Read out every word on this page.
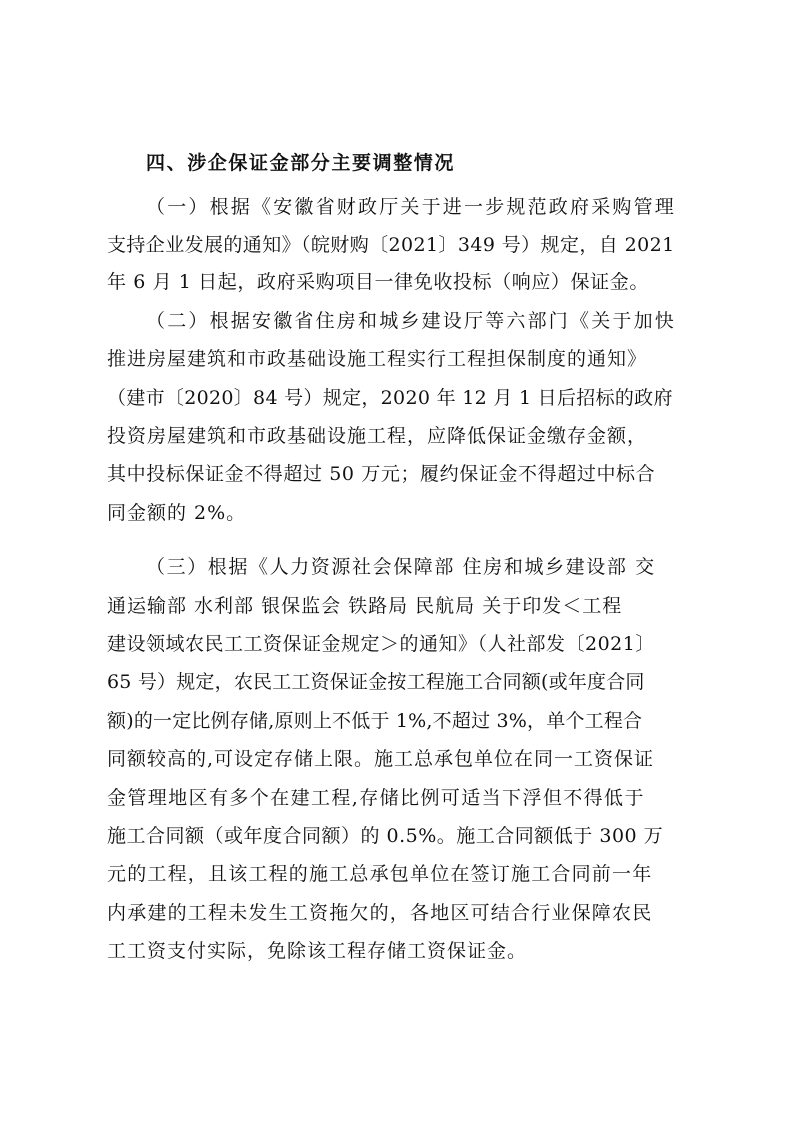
四、涉企保证金部分主要调整情况
（一）根据《安徽省财政厅关于进一步规范政府采购管理
支持企业发展的通知》（皖财购〔2021〕349 号）规定，自 2021
年 6 月 1 日起，政府采购项目一律免收投标（响应）保证金。
（二）根据安徽省住房和城乡建设厅等六部门《关于加快
推进房屋建筑和市政基础设施工程实行工程担保制度的通知》
（建市〔2020〕84 号）规定，2020 年 12 月 1 日后招标的政府
投资房屋建筑和市政基础设施工程，应降低保证金缴存金额，
其中投标保证金不得超过 50 万元；履约保证金不得超过中标合
同金额的 2%。
（三）根据《人力资源社会保障部 住房和城乡建设部 交
通运输部 水利部 银保监会 铁路局 民航局 关于印发＜工程
建设领域农民工工资保证金规定＞的通知》（人社部发〔2021〕
65 号）规定，农民工工资保证金按工程施工合同额(或年度合同
额)的一定比例存储,原则上不低于 1%,不超过 3%，单个工程合
同额较高的,可设定存储上限。施工总承包单位在同一工资保证
金管理地区有多个在建工程,存储比例可适当下浮但不得低于
施工合同额（或年度合同额）的 0.5%。施工合同额低于 300 万
元的工程，且该工程的施工总承包单位在签订施工合同前一年
内承建的工程未发生工资拖欠的，各地区可结合行业保障农民
工工资支付实际，免除该工程存储工资保证金。
